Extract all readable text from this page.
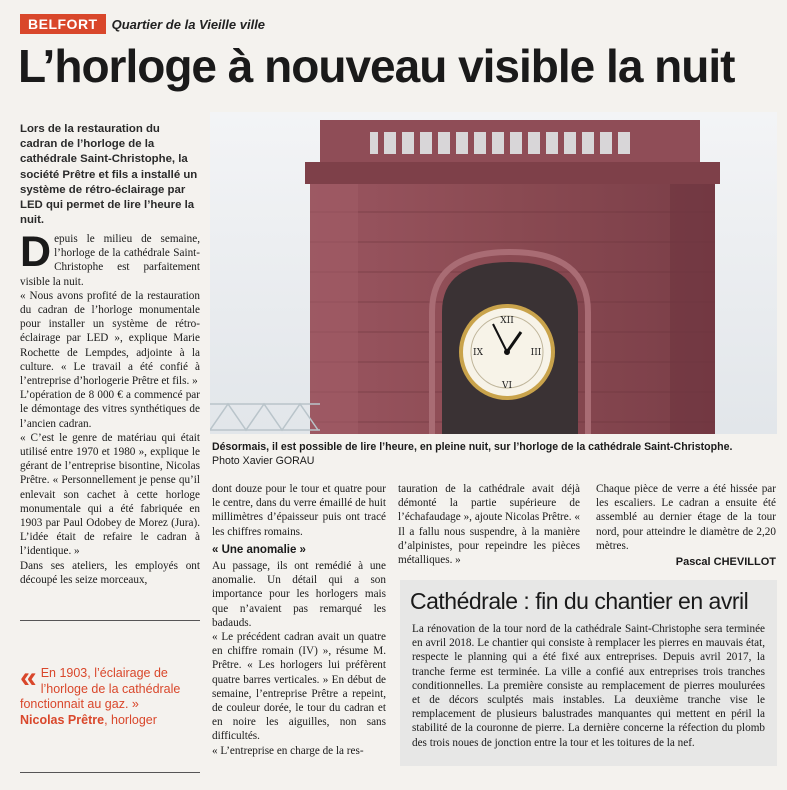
BELFORT	Quartier de la Vieille ville
L’horloge à nouveau visible la nuit
Lors de la restauration du cadran de l’horloge de la cathédrale Saint-Christophe, la société Prêtre et fils a installé un système de rétro-éclairage par LED qui permet de lire l’heure la nuit.

Depuis le milieu de semaine, l’horloge de la cathédrale Saint-Christophe est parfaitement visible la nuit.

« Nous avons profité de la restauration du cadran de l’horloge monumentale pour installer un système de rétro-éclairage par LED », explique Marie Rochette de Lempdes, adjointe à la culture. « Le travail a été confié à l’entreprise d’horlogerie Prêtre et fils. »

L’opération de 8 000 € a commencé par le démontage des vitres synthétiques de l’ancien cadran.

« C’est le genre de matériau qui était utilisé entre 1970 et 1980 », explique le gérant de l’entreprise bisontine, Nicolas Prêtre. « Personnellement je pense qu’il enlevait son cachet à cette horloge monumentale qui a été fabriquée en 1903 par Paul Odobey de Morez (Jura). L’idée était de refaire le cadran à l’identique. »

Dans ses ateliers, les employés ont découpé les seize morceaux,

« En 1903, l’éclairage de l’horloge de la cathédrale fonctionnait au gaz. »
Nicolas Prêtre, horloger
XII
III
VI
IX
Désormais, il est possible de lire l’heure, en pleine nuit, sur l’horloge de la cathédrale Saint-Christophe.
Photo Xavier GORAU

dont douze pour le tour et quatre pour le centre, dans du verre émaillé de huit millimètres d’épaisseur puis ont tracé les chiffres romains.

« Une anomalie »

Au passage, ils ont remédié à une anomalie. Un détail qui a son importance pour les horlogers mais que n’avaient pas remarqué les badauds.

« Le précédent cadran avait un quatre en chiffre romain (IV) », résume M. Prêtre. « Les horlogers lui préfèrent quatre barres verticales. » En début de semaine, l’entreprise Prêtre a repeint, de couleur dorée, le tour du cadran et en noire les aiguilles, non sans difficultés.

« L’entreprise en charge de la res-

tauration de la cathédrale avait déjà démonté la partie supérieure de l’échafaudage », ajoute Nicolas Prêtre. « Il a fallu nous suspendre, à la manière d’alpinistes, pour repeindre les pièces métalliques. »

Chaque pièce de verre a été hissée par les escaliers. Le cadran a ensuite été assemblé au dernier étage de la tour nord, pour atteindre le diamètre de 2,20 mètres.

Pascal CHEVILLOT
Cathédrale : fin du chantier en avril

La rénovation de la tour nord de la cathédrale Saint-Christophe sera terminée en avril 2018. Le chantier qui consiste à remplacer les pierres en mauvais état, respecte le planning qui a été fixé aux entreprises. Depuis avril 2017, la tranche ferme est terminée. La ville a confié aux entreprises trois tranches conditionnelles. La première consiste au remplacement de pierres moulurées et de décors sculptés mais instables. La deuxième tranche vise le remplacement de plusieurs balustrades manquantes qui mettent en péril la stabilité de la couronne de pierre. La dernière concerne la réfection du plomb des trois noues de jonction entre la tour et les toitures de la nef.
